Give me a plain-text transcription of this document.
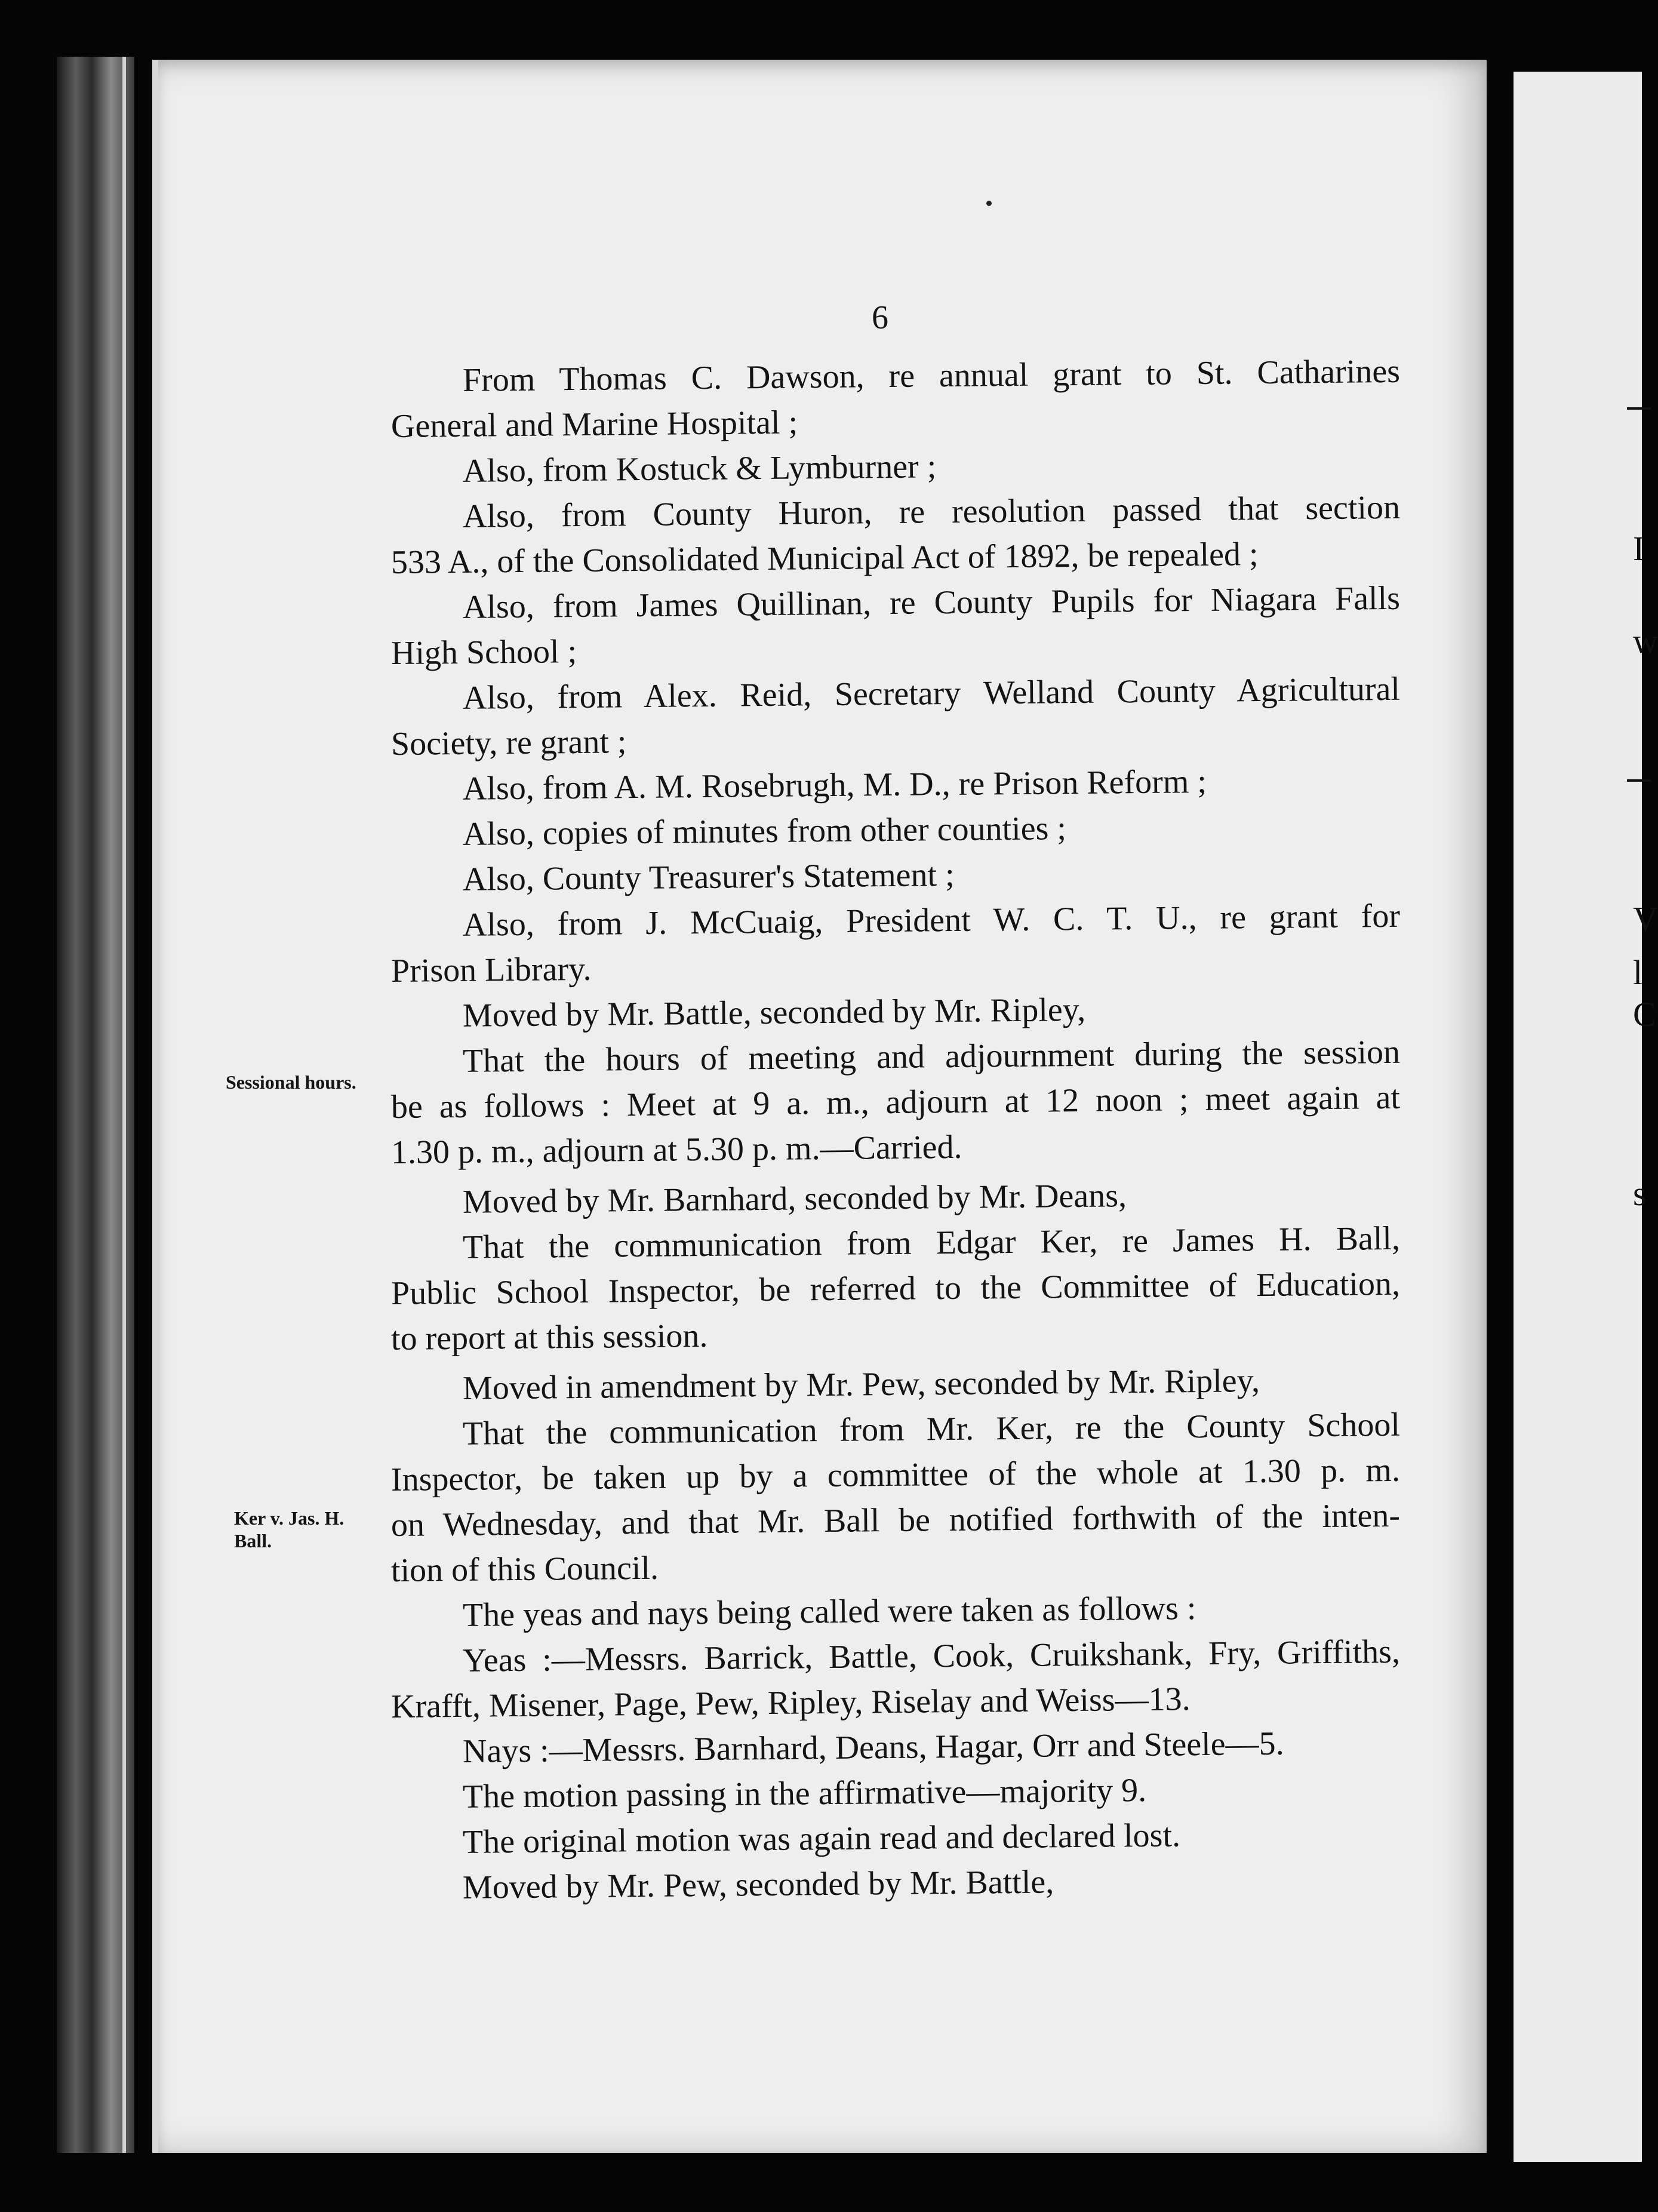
I
w
V
l
C
s
6
Sessional hours.
Ker v. Jas. H.
Ball.
From Thomas C. Dawson, re annual grant to St. Catharines
General and Marine Hospital ;
Also, from Kostuck & Lymburner ;
Also, from County Huron, re resolution passed that section
533 A., of the Consolidated Municipal Act of 1892, be repealed ;
Also, from James Quillinan, re County Pupils for Niagara Falls
High School ;
Also, from Alex. Reid, Secretary Welland County Agricultural
Society, re grant ;
Also, from A. M. Rosebrugh, M. D., re Prison Reform ;
Also, copies of minutes from other counties ;
Also, County Treasurer's Statement ;
Also, from J. McCuaig, President W. C. T. U., re grant for
Prison Library.
Moved by Mr. Battle, seconded by Mr. Ripley,
That the hours of meeting and adjournment during the session
be as follows : Meet at 9 a. m., adjourn at 12 noon ; meet again at
1.30 p. m., adjourn at 5.30 p. m.—Carried.
Moved by Mr. Barnhard, seconded by Mr. Deans,
That the communication from Edgar Ker, re James H. Ball,
Public School Inspector, be referred to the Committee of Education,
to report at this session.
Moved in amendment by Mr. Pew, seconded by Mr. Ripley,
That the communication from Mr. Ker, re the County School
Inspector, be taken up by a committee of the whole at 1.30 p. m.
on Wednesday, and that Mr. Ball be notified forthwith of the inten-
tion of this Council.
The yeas and nays being called were taken as follows :
Yeas :—Messrs. Barrick, Battle, Cook, Cruikshank, Fry, Griffiths,
Krafft, Misener, Page, Pew, Ripley, Riselay and Weiss—13.
Nays :—Messrs. Barnhard, Deans, Hagar, Orr and Steele—5.
The motion passing in the affirmative—majority 9.
The original motion was again read and declared lost.
Moved by Mr. Pew, seconded by Mr. Battle,
